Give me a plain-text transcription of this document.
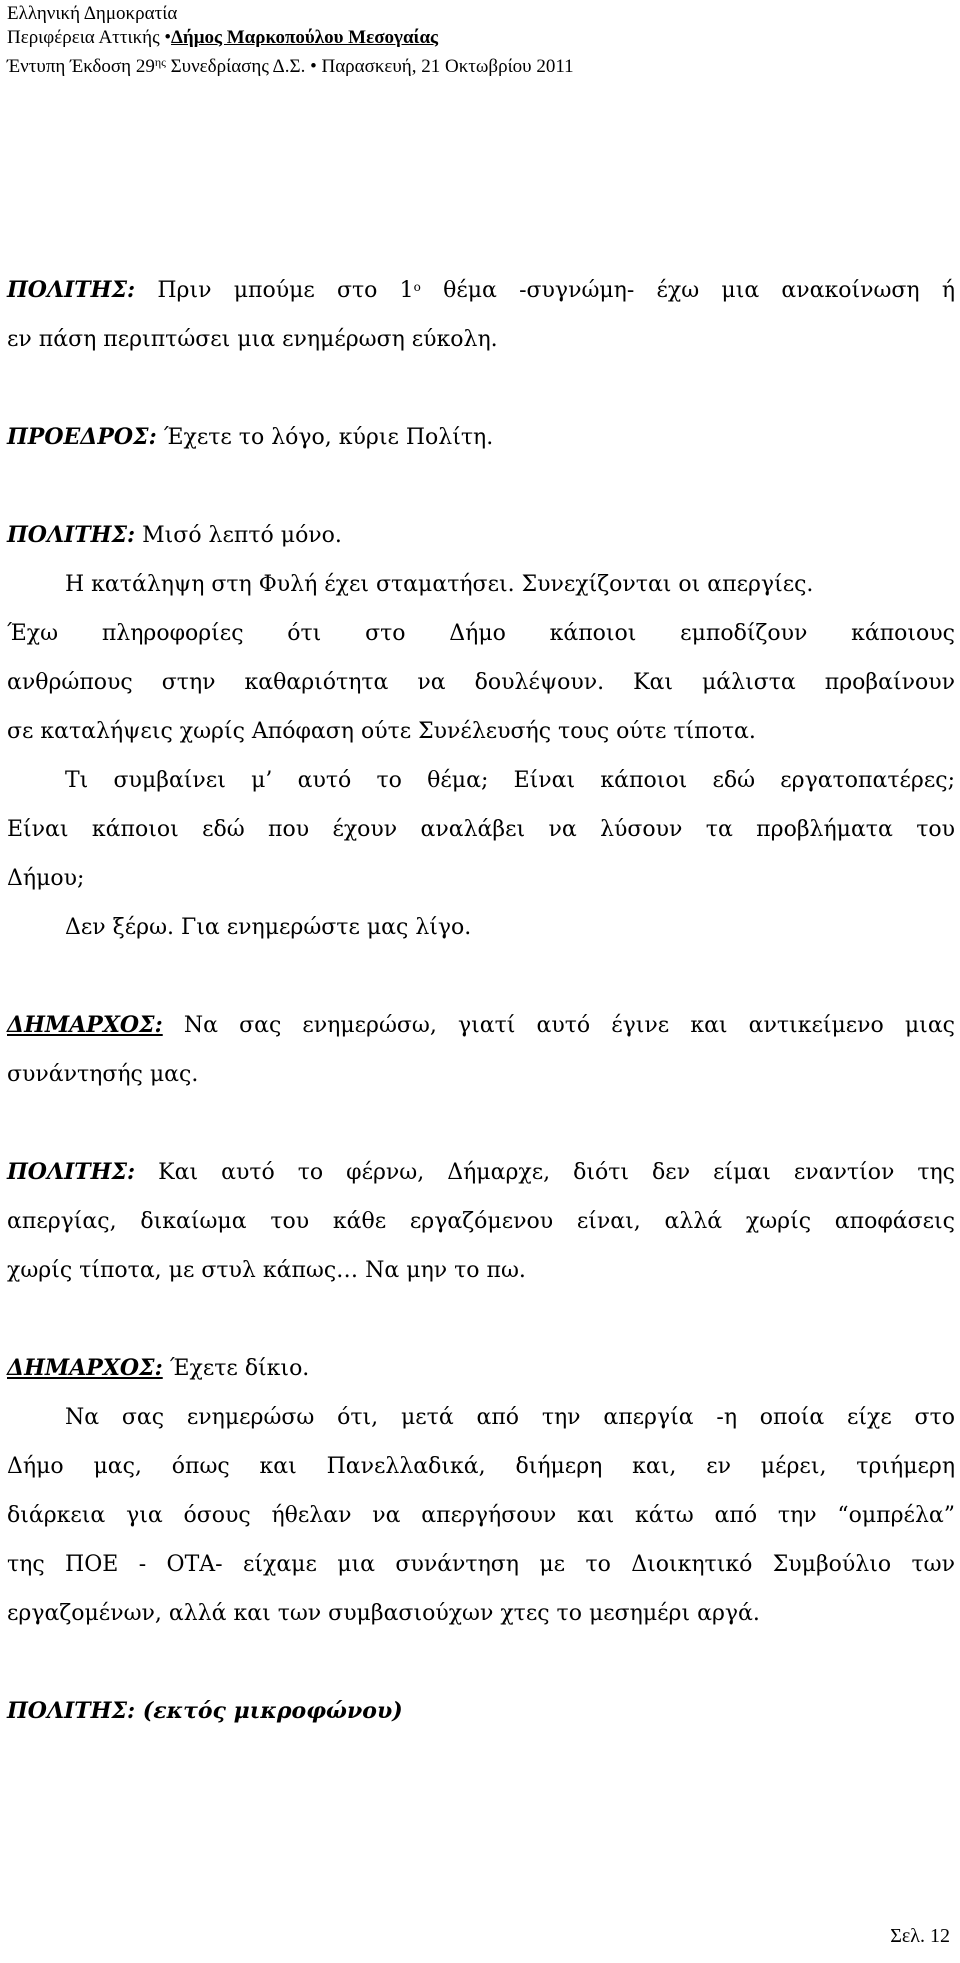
Ελληνική Δημοκρατία
Περιφέρεια Αττικής •Δήμος Μαρκοπούλου Μεσογαίας
Έντυπη Έκδοση $29^{\eta\varsigma}$ Συνεδρίασης Δ.Σ. • Παρασκευή, 21 Οκτωβρίου 2011

ΠΟΛΙΤΗΣ: Πριν μπούμε στο $1^o$ θέμα -συγνώμη- έχω μια ανακοίνωση ή

εν πάση περιπτώσει μια ενημέρωση εύκολη.

ΠΡΟΕΔΡΟΣ: Έχετε το λόγο, κύριε Πολίτη.

ΠΟΛΙΤΗΣ: Μισό λεπτό μόνο.

Η κατάληψη στη Φυλή έχει σταματήσει. Συνεχίζονται οι απεργίες.

Έχω πληροφορίες ότι στο Δήμο κάποιοι εμποδίζουν κάποιους

ανθρώπους στην καθαριότητα να δουλέψουν. Και μάλιστα προβαίνουν

σε καταλήψεις χωρίς Απόφαση ούτε Συνέλευσής τους ούτε τίποτα.

Τι συμβαίνει μ’ αυτό το θέμα; Είναι κάποιοι εδώ εργατοπατέρες;

Είναι κάποιοι εδώ που έχουν αναλάβει να λύσουν τα προβλήματα του

Δήμου;

Δεν ξέρω. Για ενημερώστε μας λίγο.

ΔΗΜΑΡΧΟΣ: Να σας ενημερώσω, γιατί αυτό έγινε και αντικείμενο μιας

συνάντησής μας.

ΠΟΛΙΤΗΣ: Και αυτό το φέρνω, Δήμαρχε, διότι δεν είμαι εναντίον της

απεργίας, δικαίωμα του κάθε εργαζόμενου είναι, αλλά χωρίς αποφάσεις

χωρίς τίποτα, με στυλ κάπως… Να μην το πω.

ΔΗΜΑΡΧΟΣ: Έχετε δίκιο.

Να σας ενημερώσω ότι, μετά από την απεργία -η οποία είχε στο

Δήμο μας, όπως και Πανελλαδικά, διήμερη και, εν μέρει, τριήμερη

διάρκεια για όσους ήθελαν να απεργήσουν και κάτω από την “ομπρέλα”

της ΠΟΕ - ΟΤΑ- είχαμε μια συνάντηση με το Διοικητικό Συμβούλιο των

εργαζομένων, αλλά και των συμβασιούχων χτες το μεσημέρι αργά.

ΠΟΛΙΤΗΣ: (εκτός μικροφώνου)

Σελ. 12
